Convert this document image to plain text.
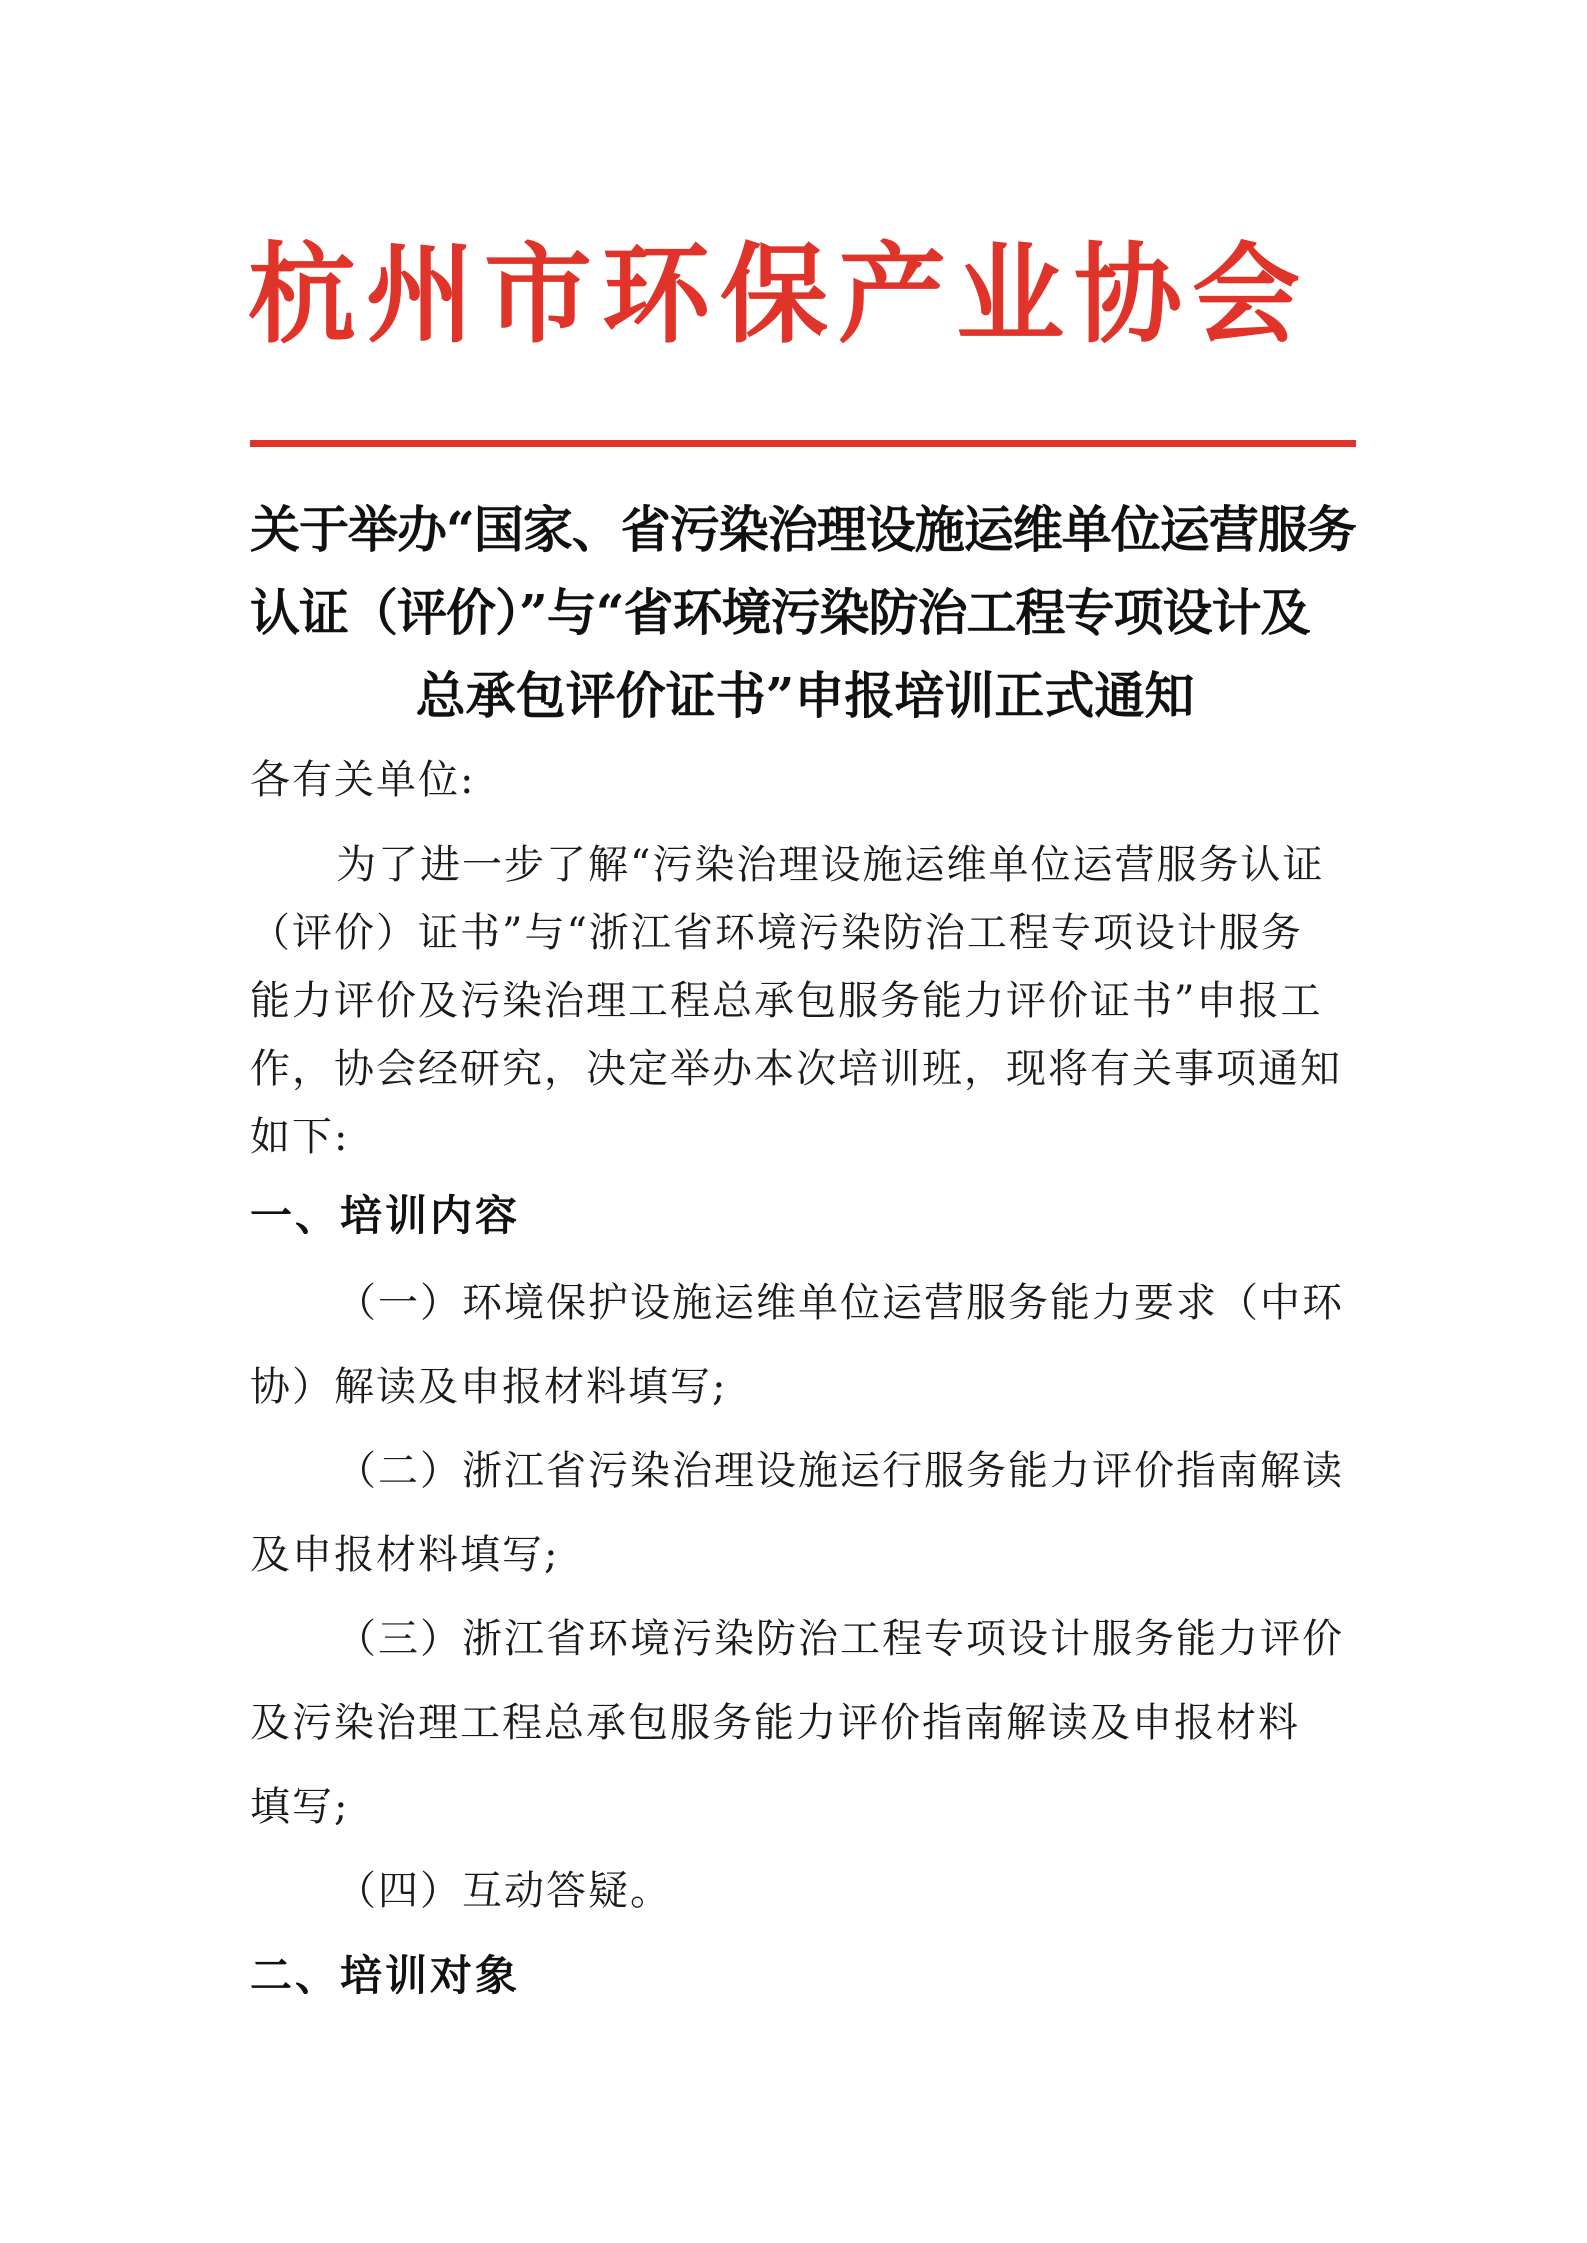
杭州市环保产业协会
关于举办“国家、省污染治理设施运维单位运营服务
认证（评价）”与“省环境污染防治工程专项设计及
总承包评价证书”申报培训正式通知
各有关单位:
为了进一步了解“污染治理设施运维单位运营服务认证
（评价）证书”与“浙江省环境污染防治工程专项设计服务
能力评价及污染治理工程总承包服务能力评价证书”申报工
作，协会经研究，决定举办本次培训班，现将有关事项通知
如下:
一、培训内容
（一）环境保护设施运维单位运营服务能力要求（中环
协）解读及申报材料填写;
（二）浙江省污染治理设施运行服务能力评价指南解读
及申报材料填写;
（三）浙江省环境污染防治工程专项设计服务能力评价
及污染治理工程总承包服务能力评价指南解读及申报材料
填写;
（四）互动答疑。
二、培训对象
